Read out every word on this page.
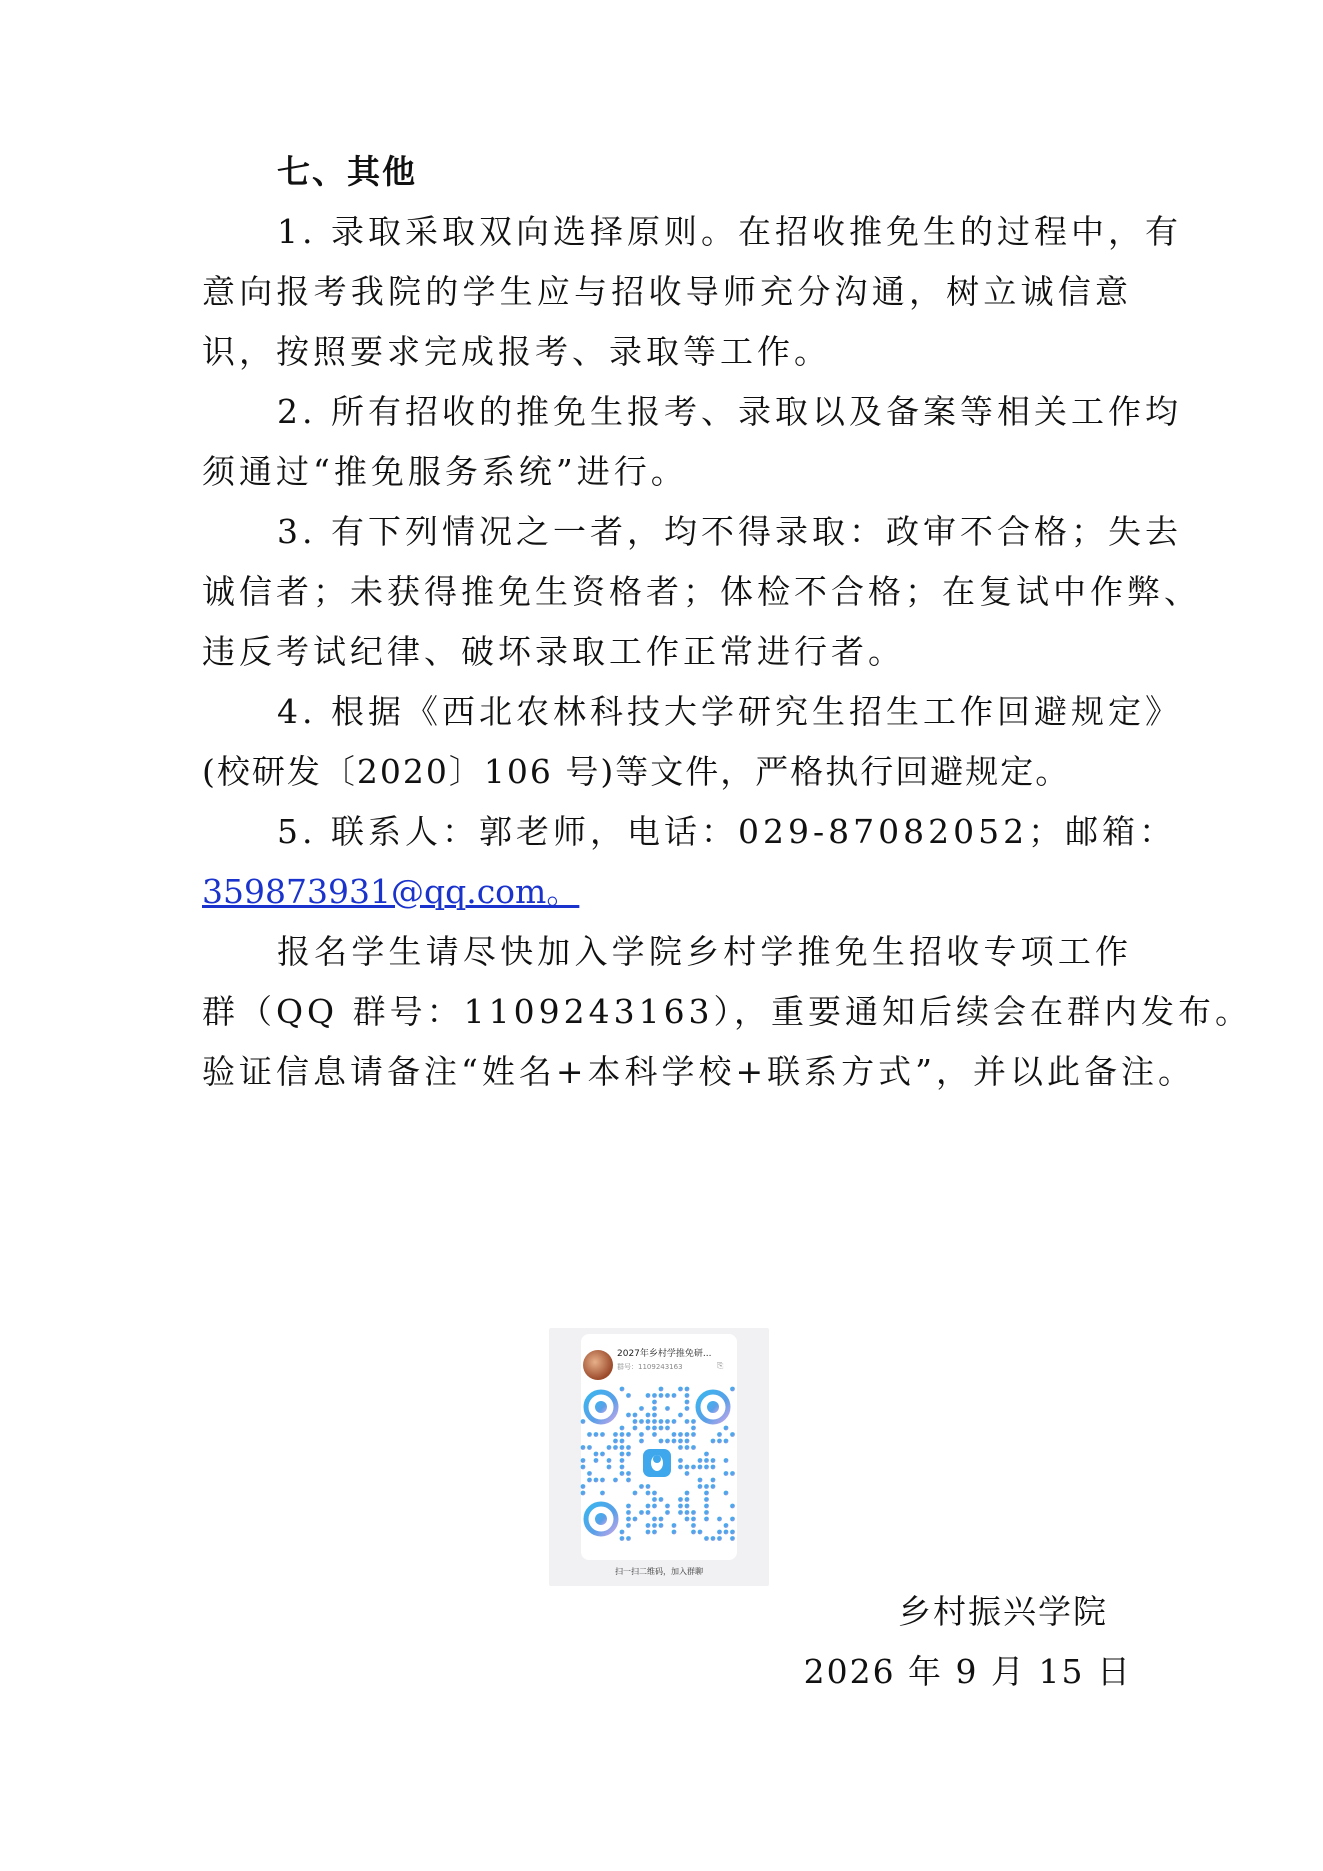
七、其他
1. 录取采取双向选择原则。在招收推免生的过程中，有
意向报考我院的学生应与招收导师充分沟通，树立诚信意
识，按照要求完成报考、录取等工作。
2. 所有招收的推免生报考、录取以及备案等相关工作均
须通过“推免服务系统”进行。
3. 有下列情况之一者，均不得录取：政审不合格；失去
诚信者；未获得推免生资格者；体检不合格；在复试中作弊、
违反考试纪律、破坏录取工作正常进行者。
4. 根据《西北农林科技大学研究生招生工作回避规定》
(校研发〔2020〕106 号)等文件，严格执行回避规定。
5. 联系人：郭老师，电话：029-87082052；邮箱：
359873931@qq.com。
报名学生请尽快加入学院乡村学推免生招收专项工作
群（QQ 群号：1109243163），重要通知后续会在群内发布。
验证信息请备注“姓名+本科学校+联系方式”，并以此备注。
2027年乡村学推免研...
群号：1109243163	⎘
扫一扫二维码，加入群聊
乡村振兴学院
2026 年 9 月 15 日
